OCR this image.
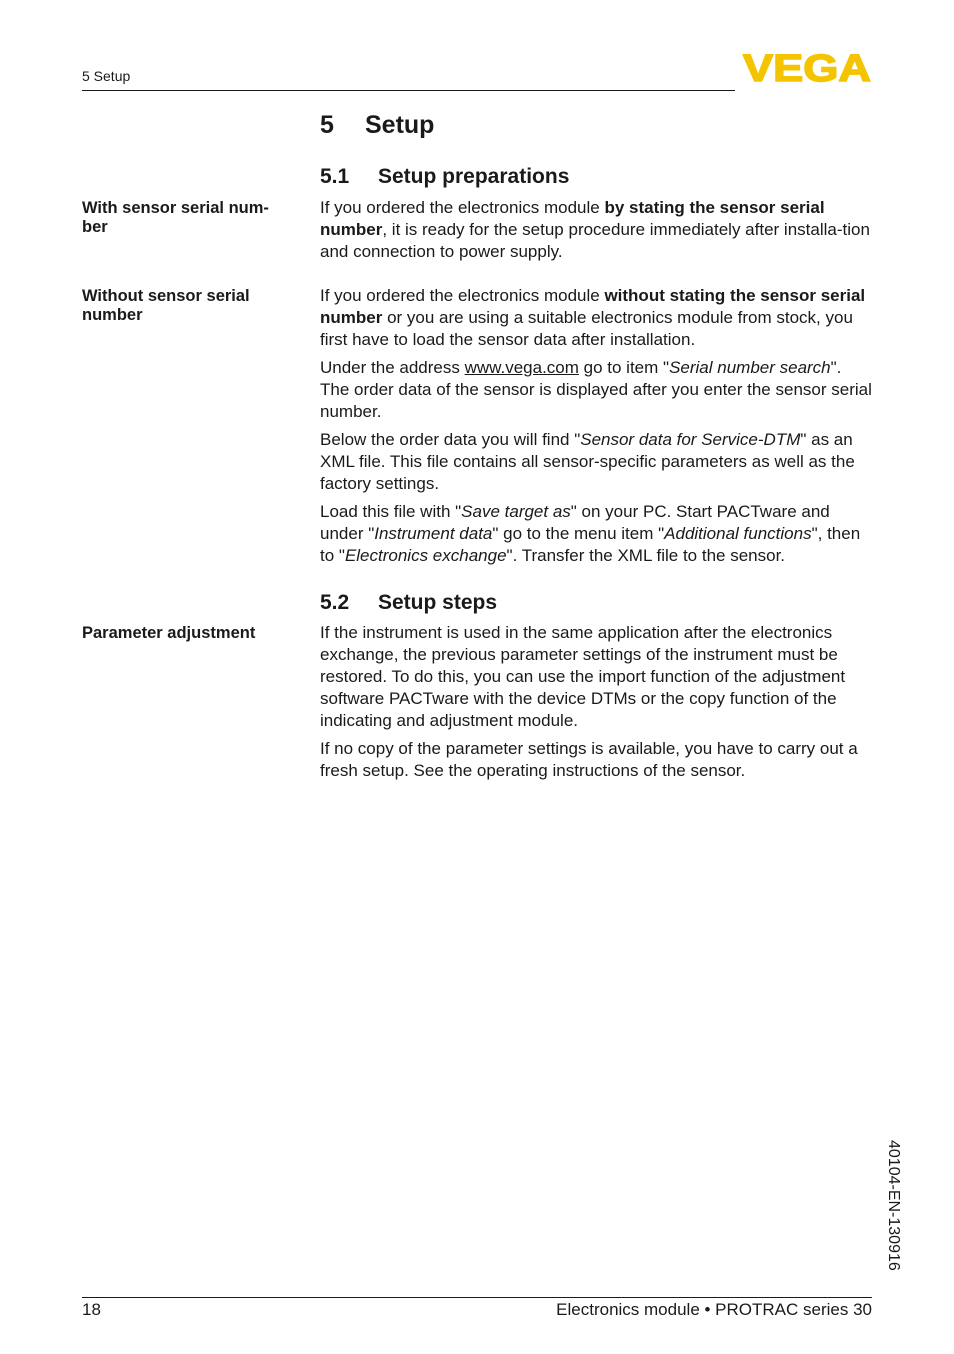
5 Setup	VEGA
5 Setup
5.1 Setup preparations
With sensor serial num-
ber

If you ordered the electronics module by stating the sensor serial number, it is ready for the setup procedure immediately after installa-tion and connection to power supply.

Without sensor serial
number

If you ordered the electronics module without stating the sensor serial number or you are using a suitable electronics module from stock, you first have to load the sensor data after installation.

Under the address www.vega.com go to item "Serial number search". The order data of the sensor is displayed after you enter the sensor serial number.

Below the order data you will find "Sensor data for Service-DTM" as an XML file. This file contains all sensor-specific parameters as well as the factory settings.

Load this file with "Save target as" on your PC. Start PACTware and under "Instrument data" go to the menu item "Additional functions", then to "Electronics exchange". Transfer the XML file to the sensor.

5.2 Setup steps
Parameter adjustment	If the instrument is used in the same application after the electronics exchange, the previous parameter settings of the instrument must be restored. To do this, you can use the import function of the adjustment software PACTware with the device DTMs or the copy function of the indicating and adjustment module.

If no copy of the parameter settings is available, you have to carry out a fresh setup. See the operating instructions of the sensor.

40104-EN-130916
18	Electronics module • PROTRAC series 30
